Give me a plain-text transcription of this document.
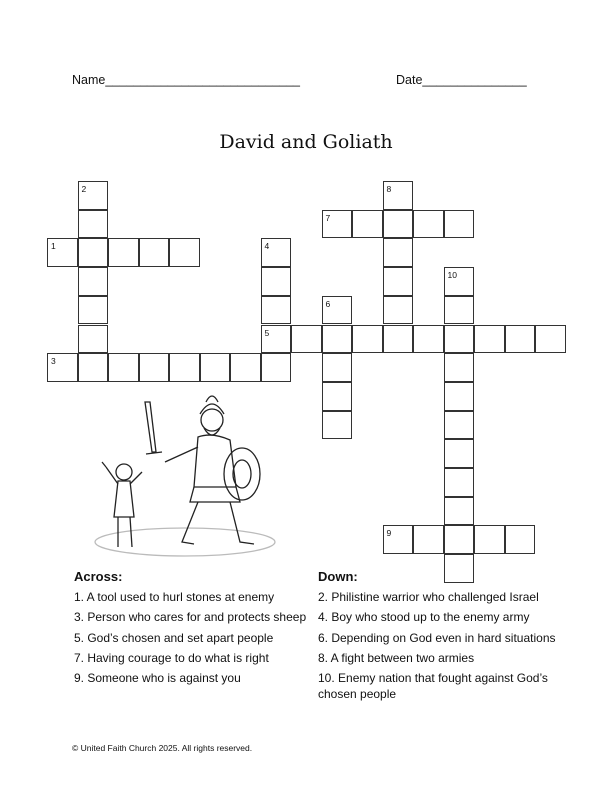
Name____________________________	Date_______________
David and Goliath
1
2
3
4
5
6
7
8
9
10
Across:
1. A tool used to hurl stones at enemy
3. Person who cares for and protects sheep
5. God’s chosen and set apart people
7. Having courage to do what is right
9. Someone who is against you
Down:
2. Philistine warrior who challenged Israel
4. Boy who stood up to the enemy army
6. Depending on God even in hard situations
8. A fight between two armies
10. Enemy nation that fought against God’s chosen people
© United Faith Church 2025. All rights reserved.
